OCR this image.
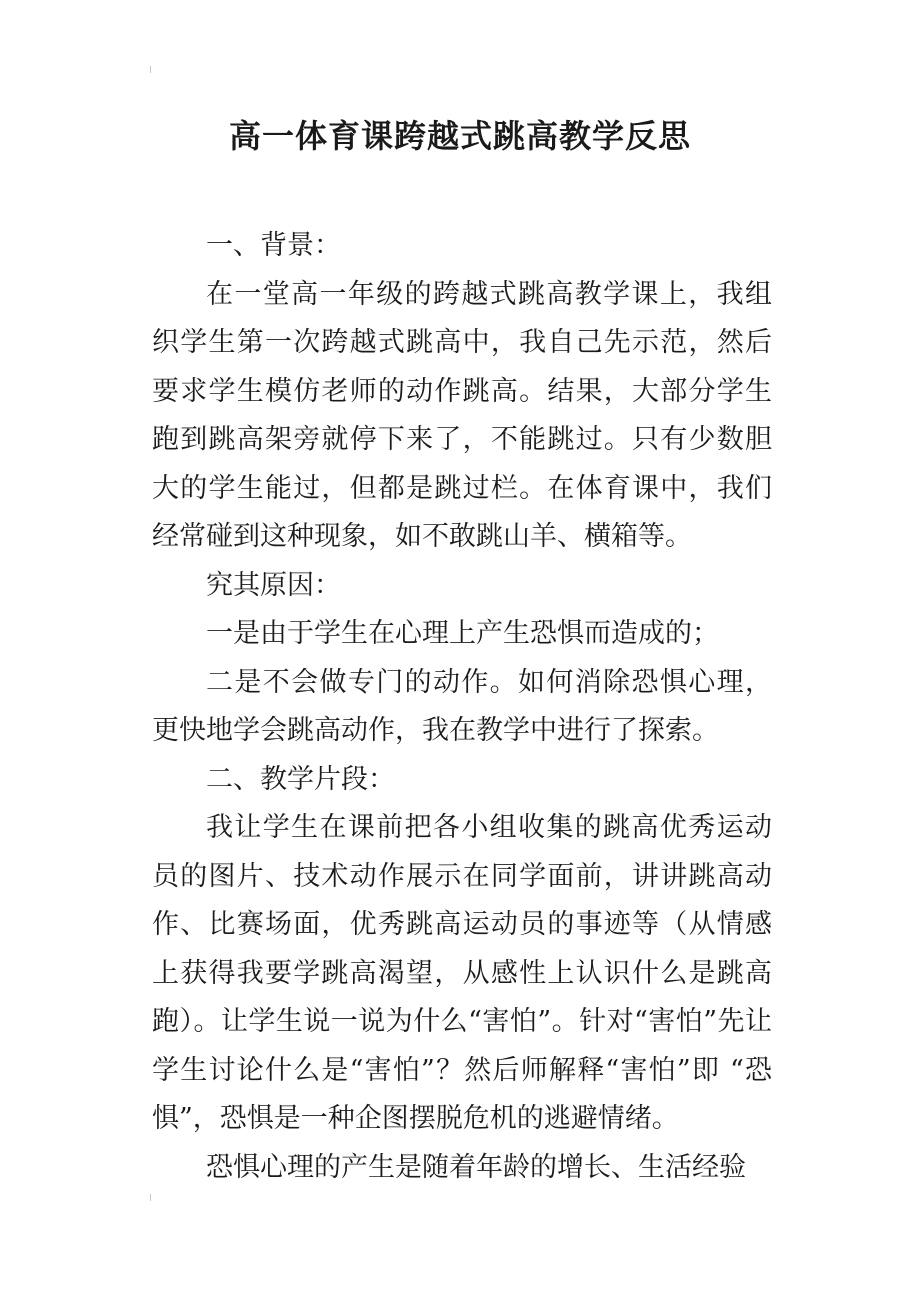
高一体育课跨越式跳高教学反思

一、背景：

在一堂高一年级的跨越式跳高教学课上，我组织学生第一次跨越式跳高中，我自己先示范，然后要求学生模仿老师的动作跳高。结果，大部分学生跑到跳高架旁就停下来了，不能跳过。只有少数胆大的学生能过，但都是跳过栏。在体育课中，我们经常碰到这种现象，如不敢跳山羊、横箱等。

究其原因：

一是由于学生在心理上产生恐惧而造成的；

二是不会做专门的动作。如何消除恐惧心理，更快地学会跳高动作，我在教学中进行了探索。

二、教学片段：

我让学生在课前把各小组收集的跳高优秀运动员的图片、技术动作展示在同学面前，讲讲跳高动作、比赛场面，优秀跳高运动员的事迹等（从情感上获得我要学跳高渴望，从感性上认识什么是跳高跑）。让学生说一说为什么“害怕”。针对“害怕”先让学生讨论什么是“害怕”？然后师解释“害怕”即 “恐惧”，恐惧是一种企图摆脱危机的逃避情绪。

恐惧心理的产生是随着年龄的增长、生活经验
